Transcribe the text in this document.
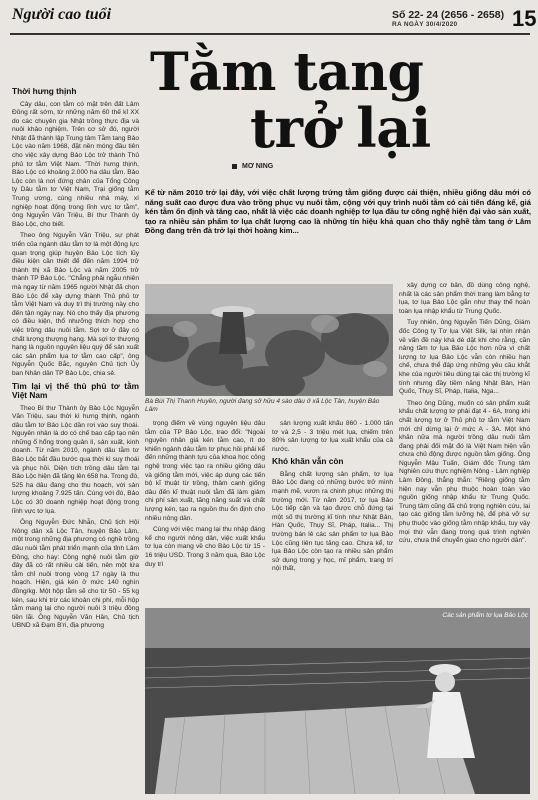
Người cao tuổi	Số 22- 24 (2656 - 2658)
RA NGÀY 30/4/2020 15
Thời hưng thịnh

Cây dâu, con tằm có mặt trên đất Lâm Đồng rất sớm, từ những năm 60 thế kỉ XX do các chuyên gia Nhật trồng thực địa và nuôi khảo nghiệm. Trên cơ sở đó, người Nhật đã thành lập Trung tâm Tằm tang Bảo Lộc vào năm 1968, đặt nền móng đầu tiên cho việc xây dựng Bảo Lộc trở thành Thủ phủ tơ tằm Việt Nam. "Thời hưng thịnh, Bảo Lộc có khoảng 2.000 ha dâu tằm. Bảo Lộc còn là nơi đứng chân của Tổng Công ty Dâu tằm tơ Việt Nam, Trại giống tằm Trung ương, cùng nhiều nhà máy, xí nghiệp hoạt động trong lĩnh vực tơ tằm", ông Nguyễn Văn Triệu, Bí thư Thành ủy Bảo Lộc, cho biết.

Theo ông Nguyễn Văn Triệu, sự phát triển của ngành dâu tằm tơ là một động lực quan trọng giúp huyện Bảo Lộc tích lũy điều kiện cần thiết để đến năm 1994 trở thành thị xã Bảo Lộc và năm 2005 trở thành TP Bảo Lộc. "Chẳng phải ngẫu nhiên mà ngay từ năm 1965 người Nhật đã chọn Bảo Lộc để xây dựng thành Thủ phủ tơ tằm Việt Nam và duy trì thị trường này cho đến tận ngày nay. Nó cho thấy địa phương có điều kiện, thổ nhưỡng thích hợp cho việc trồng dâu nuôi tằm. Sợi tơ ở đây có chất lượng thượng hạng. Mà sợi tơ thượng hạng là nguồn nguyên liệu quý để sản xuất các sản phẩm lụa tơ tằm cao cấp", ông Nguyễn Quốc Bắc, nguyên Chủ tịch Ủy ban Nhân dân TP Bảo Lộc, chia sẻ.

Tìm lại vị thế thủ phủ tơ tằm Việt Nam

Theo Bí thư Thành ủy Bảo Lộc Nguyễn Văn Triệu, sau thời kì hưng thịnh, ngành dâu tằm tơ Bảo Lộc dần rơi vào suy thoái. Nguyên nhân là do có chế bao cấp tạo nên những ổ hổng trong quản lí, sản xuất, kinh doanh. Từ năm 2010, ngành dâu tằm tơ Bảo Lộc bắt đầu bước qua thời kì suy thoái và phục hồi. Diện tích trồng dâu tằm tại Bảo Lộc hiện đã tăng lên 658 ha. Trong đó, 525 ha dâu đang cho thu hoạch, với sản lượng khoảng 7.925 tấn. Cùng với đó, Bảo Lộc có 30 doanh nghiệp hoạt động trong lĩnh vực tơ lụa.

Ông Nguyễn Đức Nhẫn, Chủ tịch Hội Nông dân xã Lộc Tân, huyện Bảo Lâm, một trong những địa phương có nghề trồng dâu nuôi tằm phát triển mạnh của tỉnh Lâm Đồng, cho hay: Công nghệ nuôi tằm giờ đây đã có rất nhiều cải tiến, nên một lứa tằm chỉ nuôi trong vòng 17 ngày là thu hoạch. Hiện, giá kén ở mức 140 nghìn đồng/kg. Một hộp tằm sẽ cho từ 50 - 55 kg kén, sau khi trừ các khoản chi phí, mỗi hộp tằm mang lại cho người nuôi 3 triệu đồng tiền lãi. Ông Nguyễn Văn Hân, Chủ tịch UBND xã Đạm B'ri, địa phương

Tằm tang
trở lại
MƠ NING
Kể từ năm 2010 trở lại đây, với việc chất lượng trứng tằm giống được cải thiện, nhiều giống dâu mới có năng suất cao được đưa vào trồng phục vụ nuôi tằm, cộng với quy trình nuôi tằm có cải tiến đáng kể, giá kén tằm ổn định và tăng cao, nhất là việc các doanh nghiệp tơ lụa đầu tư công nghệ hiện đại vào sản xuất, tạo ra nhiều sản phẩm tơ lụa chất lượng cao là những tín hiệu khả quan cho thấy nghề tằm tang ở Lâm Đồng đang trên đà trở lại thời hoàng kim...
Bà Bùi Thị Thanh Huyền, người đang sở hữu 4 sào dâu ở xã Lộc Tân, huyện Bảo Lâm

trọng điểm về vùng nguyên liệu dâu tằm của TP Bảo Lộc, trao đổi: "Ngoài nguyên nhân giá kén tằm cao, ít do khiến ngành dâu tằm tơ phục hồi phải kể đến những thành tựu của khoa học công nghệ trong việc tạo ra nhiều giống dâu và giống tằm mới, việc áp dụng các tiến bộ kĩ thuật từ trồng, thâm canh giống dâu đến kĩ thuật nuôi tằm đã làm giảm chi phí sản xuất, tăng năng suất và chất lượng kén, tạo ra nguồn thu ổn định cho nhiều nông dân.

Cùng với việc mang lại thu nhập đáng kể cho người nông dân, việc xuất khẩu tơ lụa còn mang về cho Bảo Lộc từ 15 - 16 triệu USD. Trong 3 năm qua, Bảo Lộc duy trì

sản lượng xuất khẩu 860 - 1.000 tấn tơ và 2,5 - 3 triệu mét lụa, chiếm trên 80% sản lượng tơ lụa xuất khẩu của cả nước.

Khó khăn vẫn còn

Bằng chất lượng sản phẩm, tơ lụa Bảo Lộc đang có những bước trở mình mạnh mẽ, vươn ra chinh phục những thị trường mới. Từ năm 2017, tơ lụa Bảo Lộc tiếp cận và tạo được chỗ đứng tại một số thị trường kĩ tính như Nhật Bản, Hàn Quốc, Thụy Sĩ, Pháp, Italia... Thị trường bán lẻ các sản phẩm tơ lụa Bảo Lộc cũng liên tục tăng cao. Chưa kể, tơ lụa Bảo Lộc còn tạo ra nhiều sản phẩm sử dụng trong y học, mĩ phẩm, trang trí nội thất,

xây dựng cơ bản, đồ dùng công nghệ, nhất là các sản phẩm thời trang làm bằng tơ lụa, tơ lụa Bảo Lộc gắn như thay thế hoàn toàn lụa nhập khẩu từ Trung Quốc.

Tuy nhiên, ông Nguyễn Tiến Dũng, Giám đốc Công ty Tơ lụa Việt Silk, lại nhìn nhận về vấn đề này khá dè dặt khi cho rằng, cần nâng tầm tơ lụa Bảo Lộc hơn nữa vì chất lượng tơ lụa Bảo Lộc vẫn còn nhiều hạn chế, chưa thể đáp ứng những yêu cầu khắt khe của người tiêu dùng tại các thị trường kĩ tính nhưng đầy tiềm năng Nhật Bản, Hàn Quốc, Thụy Sĩ, Pháp, Italia, Nga...

Theo ông Dũng, muốn có sản phẩm xuất khẩu chất lượng tơ phải đạt 4 - 6A, trong khi chất lượng tơ ở Thủ phủ tơ tằm Việt Nam mới chỉ dừng lại ở mức A - 3A. Một khó khăn nữa mà người trồng dâu nuôi tằm đang phải đối mặt đó là Việt Nam hiện vẫn chưa chủ động được nguồn tằm giống. Ông Nguyễn Mậu Tuấn, Giám đốc Trung tâm Nghiên cứu thực nghiệm Nông - Lâm nghiệp Lâm Đồng, thẳng thắn: "Riêng giống tằm hiện nay vẫn phụ thuộc hoàn toàn vào nguồn giống nhập khẩu từ Trung Quốc. Trung tâm cũng đã chủ trọng nghiên cứu, lai tạo các giống tằm lưỡng hệ, để phá vỡ sự phụ thuộc vào giống tằm nhập khẩu, tuy vậy mọi thứ vẫn đang trong quá trình nghiên cứu, chưa thể chuyển giao cho người dân".

Các sản phẩm tơ lụa Bảo Lộc
